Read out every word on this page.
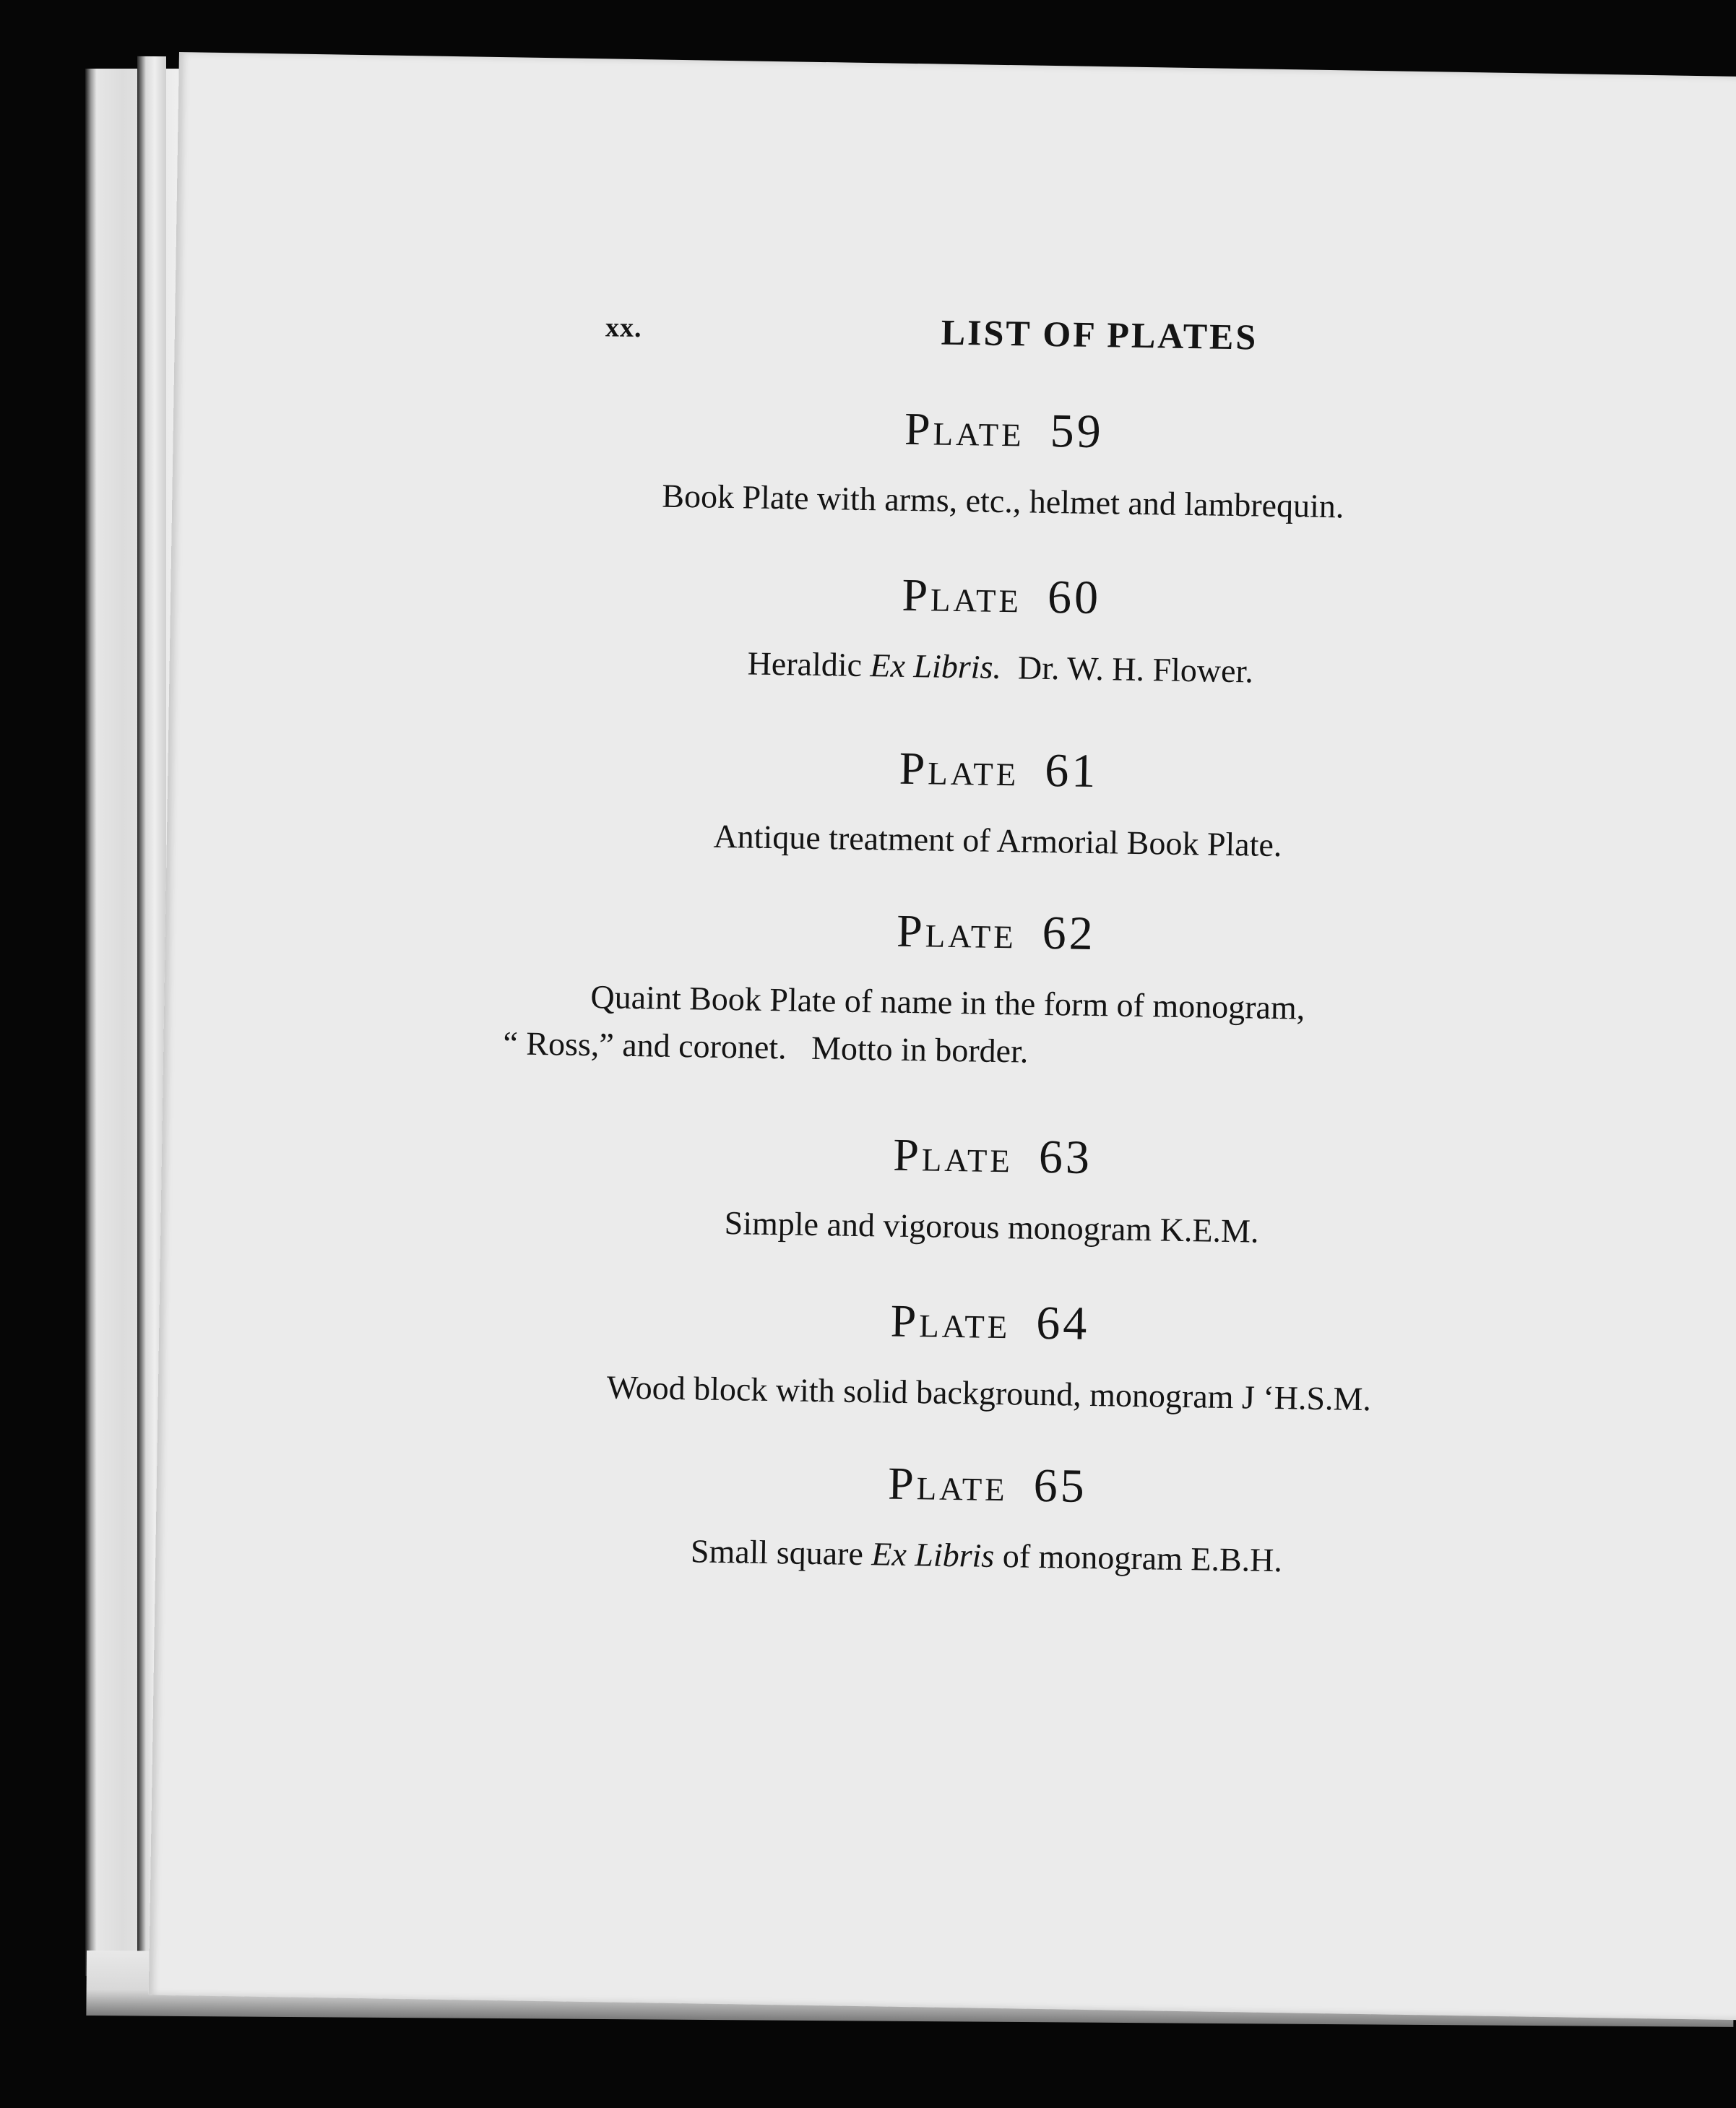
xx.	LIST OF PLATES

Plate 59

Book Plate with arms, etc., helmet and lambrequin.

Plate 60

Heraldic Ex Libris.  Dr. W. H. Flower.

Plate 61

Antique treatment of Armorial Book Plate.

Plate 62

Quaint Book Plate of name in the form of monogram,
“ Ross,” and coronet.   Motto in border.

Plate 63

Simple and vigorous monogram K.E.M.

Plate 64

Wood block with solid background, monogram J ʻH.S.M.

Plate 65

Small square Ex Libris of monogram E.B.H.
